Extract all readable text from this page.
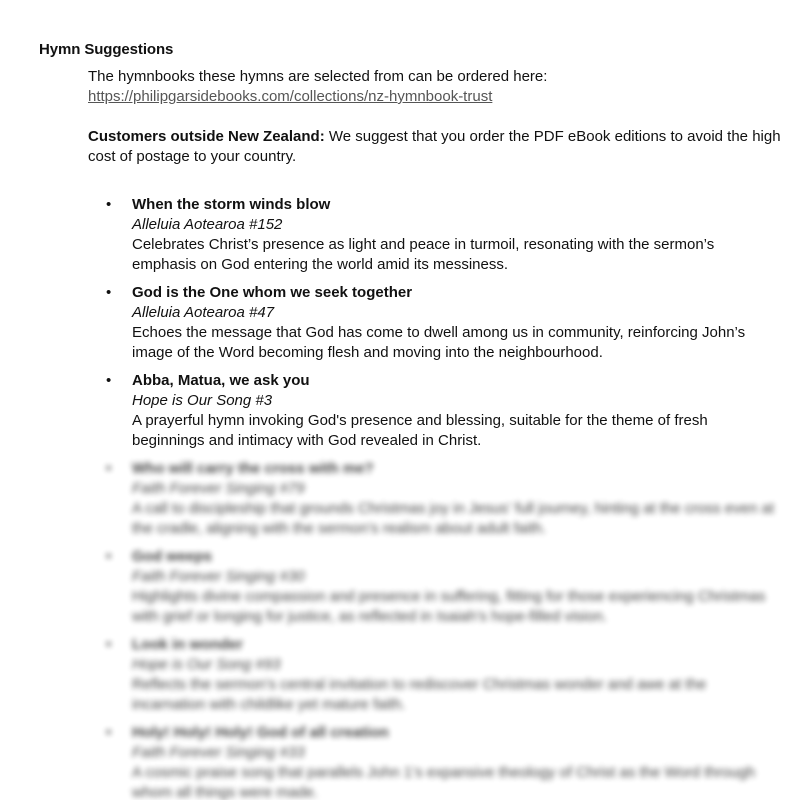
Hymn Suggestions
The hymnbooks these hymns are selected from can be ordered here:
https://philipgarsidebooks.com/collections/nz-hymnbook-trust
Customers outside New Zealand: We suggest that you order the PDF eBook editions to avoid the high cost of postage to your country.
• When the storm winds blow
Alleluia Aotearoa #152
Celebrates Christ’s presence as light and peace in turmoil, resonating with the sermon’s emphasis on God entering the world amid its messiness.
• God is the One whom we seek together
Alleluia Aotearoa #47
Echoes the message that God has come to dwell among us in community, reinforcing John’s image of the Word becoming flesh and moving into the neighbourhood.
• Abba, Matua, we ask you
Hope is Our Song #3
A prayerful hymn invoking God's presence and blessing, suitable for the theme of fresh beginnings and intimacy with God revealed in Christ.
• Who will carry the cross with me?
Faith Forever Singing #79
A call to discipleship that grounds Christmas joy in Jesus’ full journey, hinting at the cross even at the cradle, aligning with the sermon’s realism about adult faith.
• God weeps
Faith Forever Singing #30
Highlights divine compassion and presence in suffering, fitting for those experiencing Christmas with grief or longing for justice, as reflected in Isaiah’s hope-filled vision.
• Look in wonder
Hope is Our Song #93
Reflects the sermon’s central invitation to rediscover Christmas wonder and awe at the incarnation with childlike yet mature faith.
• Holy! Holy! Holy! God of all creation
Faith Forever Singing #33
A cosmic praise song that parallels John 1’s expansive theology of Christ as the Word through whom all things were made.
